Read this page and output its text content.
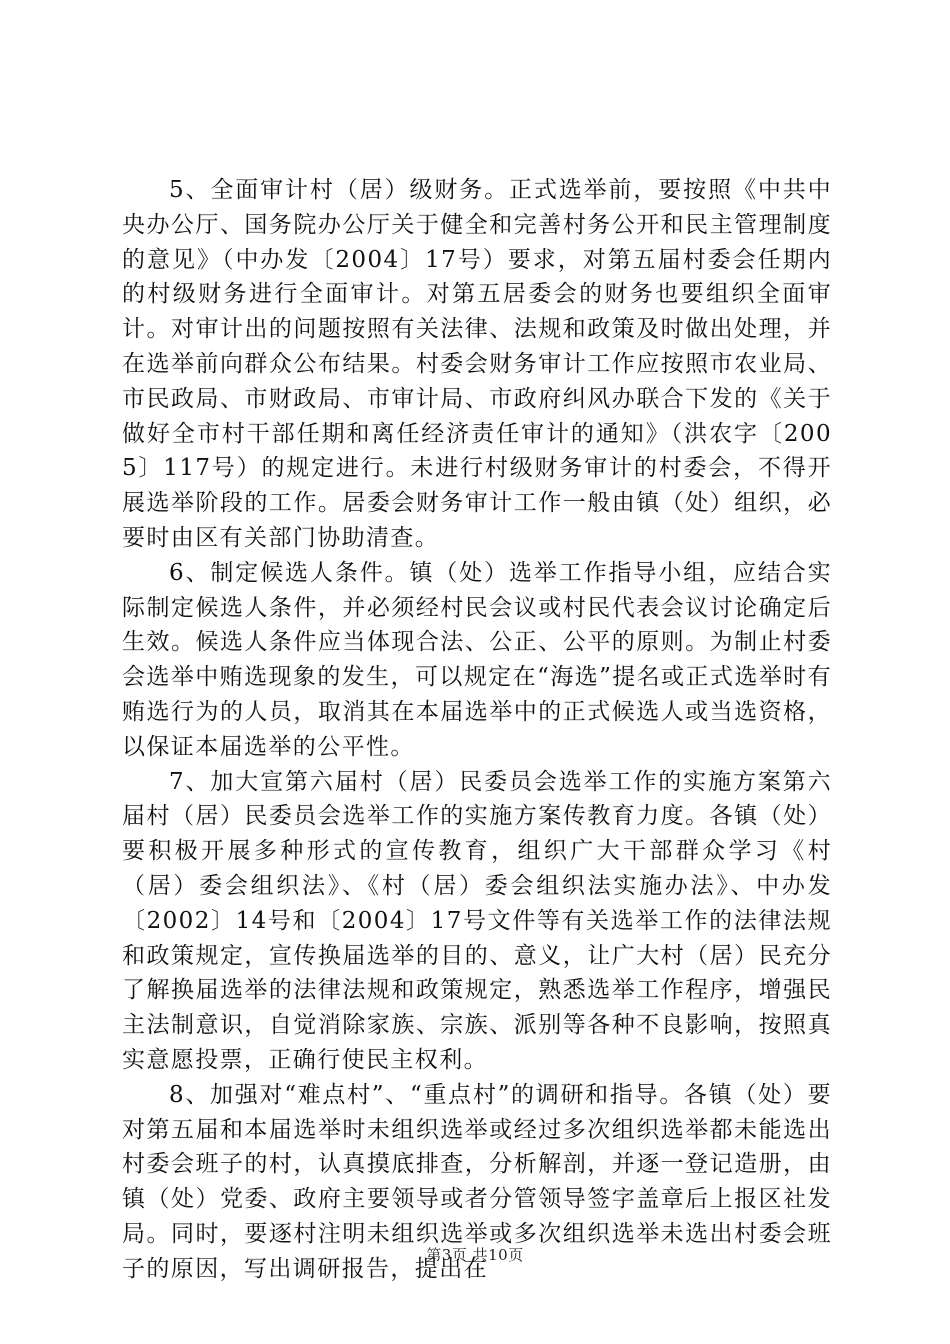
5、全面审计村（居）级财务。正式选举前，要按照《中共中央办公厅、国务院办公厅关于健全和完善村务公开和民主管理制度的意见》（中办发〔2004〕17号）要求，对第五届村委会任期内的村级财务进行全面审计。对第五居委会的财务也要组织全面审计。对审计出的问题按照有关法律、法规和政策及时做出处理，并在选举前向群众公布结果。村委会财务审计工作应按照市农业局、市民政局、市财政局、市审计局、市政府纠风办联合下发的《关于做好全市村干部任期和离任经济责任审计的通知》（洪农字〔2005〕117号）的规定进行。未进行村级财务审计的村委会，不得开展选举阶段的工作。居委会财务审计工作一般由镇（处）组织，必要时由区有关部门协助清查。

6、制定候选人条件。镇（处）选举工作指导小组，应结合实际制定候选人条件，并必须经村民会议或村民代表会议讨论确定后生效。候选人条件应当体现合法、公正、公平的原则。为制止村委会选举中贿选现象的发生，可以规定在“海选”提名或正式选举时有贿选行为的人员，取消其在本届选举中的正式候选人或当选资格，以保证本届选举的公平性。

7、加大宣第六届村（居）民委员会选举工作的实施方案第六届村（居）民委员会选举工作的实施方案传教育力度。各镇（处）要积极开展多种形式的宣传教育，组织广大干部群众学习《村（居）委会组织法》、《村（居）委会组织法实施办法》、中办发〔2002〕14号和〔2004〕17号文件等有关选举工作的法律法规和政策规定，宣传换届选举的目的、意义，让广大村（居）民充分了解换届选举的法律法规和政策规定，熟悉选举工作程序，增强民主法制意识，自觉消除家族、宗族、派别等各种不良影响，按照真实意愿投票，正确行使民主权利。

8、加强对“难点村”、“重点村”的调研和指导。各镇（处）要对第五届和本届选举时未组织选举或经过多次组织选举都未能选出村委会班子的村，认真摸底排查，分析解剖，并逐一登记造册，由镇（处）党委、政府主要领导或者分管领导签字盖章后上报区社发局。同时，要逐村注明未组织选举或多次组织选举未选出村委会班子的原因，写出调研报告，提出在

第3页 共10页
